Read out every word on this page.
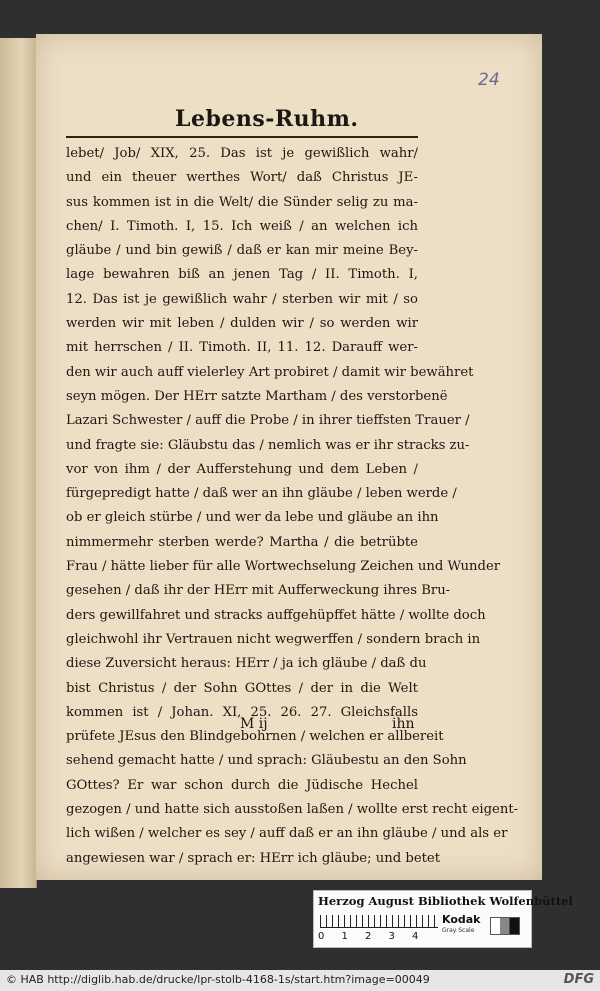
24
Lebens-Ruhm.
lebet/ Job/ XIX, 25. Das ist je gewißlich wahr/
und ein theuer werthes Wort/ daß Christus JE-
sus kommen ist in die Welt/ die Sünder selig zu ma-
chen/ I. Timoth. I, 15. Ich weiß / an welchen ich
gläube / und bin gewiß / daß er kan mir meine Bey-
lage bewahren biß an jenen Tag / II. Timoth. I,
12. Das ist je gewißlich wahr / sterben wir mit / so
werden wir mit leben / dulden wir / so werden wir
mit herrschen / II. Timoth. II, 11. 12. Darauff wer-
den wir auch auff vielerley Art probiret / damit wir bewähret
seyn mögen. Der HErr satzte Martham / des verstorbenë
Lazari Schwester / auff die Probe / in ihrer tieffsten Trauer /
und fragte sie: Gläubstu das / nemlich was er ihr stracks zu-
vor von ihm / der Aufferstehung und dem Leben /
fürgepredigt hatte / daß wer an ihn gläube / leben werde /
ob er gleich stürbe / und wer da lebe und gläube an ihn
nimmermehr sterben werde? Martha / die betrübte
Frau / hätte lieber für alle Wortwechselung Zeichen und Wunder
gesehen / daß ihr der HErr mit Aufferweckung ihres Bru-
ders gewillfahret und stracks auffgehüpffet hätte / wollte doch
gleichwohl ihr Vertrauen nicht wegwerffen / sondern brach in
diese Zuversicht heraus: HErr / ja ich gläube / daß du
bist Christus / der Sohn GOttes / der in die Welt
kommen ist / Johan. XI, 25. 26. 27. Gleichsfalls
prüfete JEsus den Blindgebohrnen / welchen er allbereit
sehend gemacht hatte / und sprach: Gläubestu an den Sohn
GOttes? Er war schon durch die Jüdische Hechel
gezogen / und hatte sich ausstoßen laßen / wollte erst recht eigent-
lich wißen / welcher es sey / auff daß er an ihn gläube / und als er
angewiesen war / sprach er: HErr ich gläube; und betet
M ij	ihn
Herzog August Bibliothek Wolfenbüttel
0 1 2 3 4
Kodak
Gray Scale
© HAB http://diglib.hab.de/drucke/lpr-stolb-4168-1s/start.htm?image=00049	DFG
